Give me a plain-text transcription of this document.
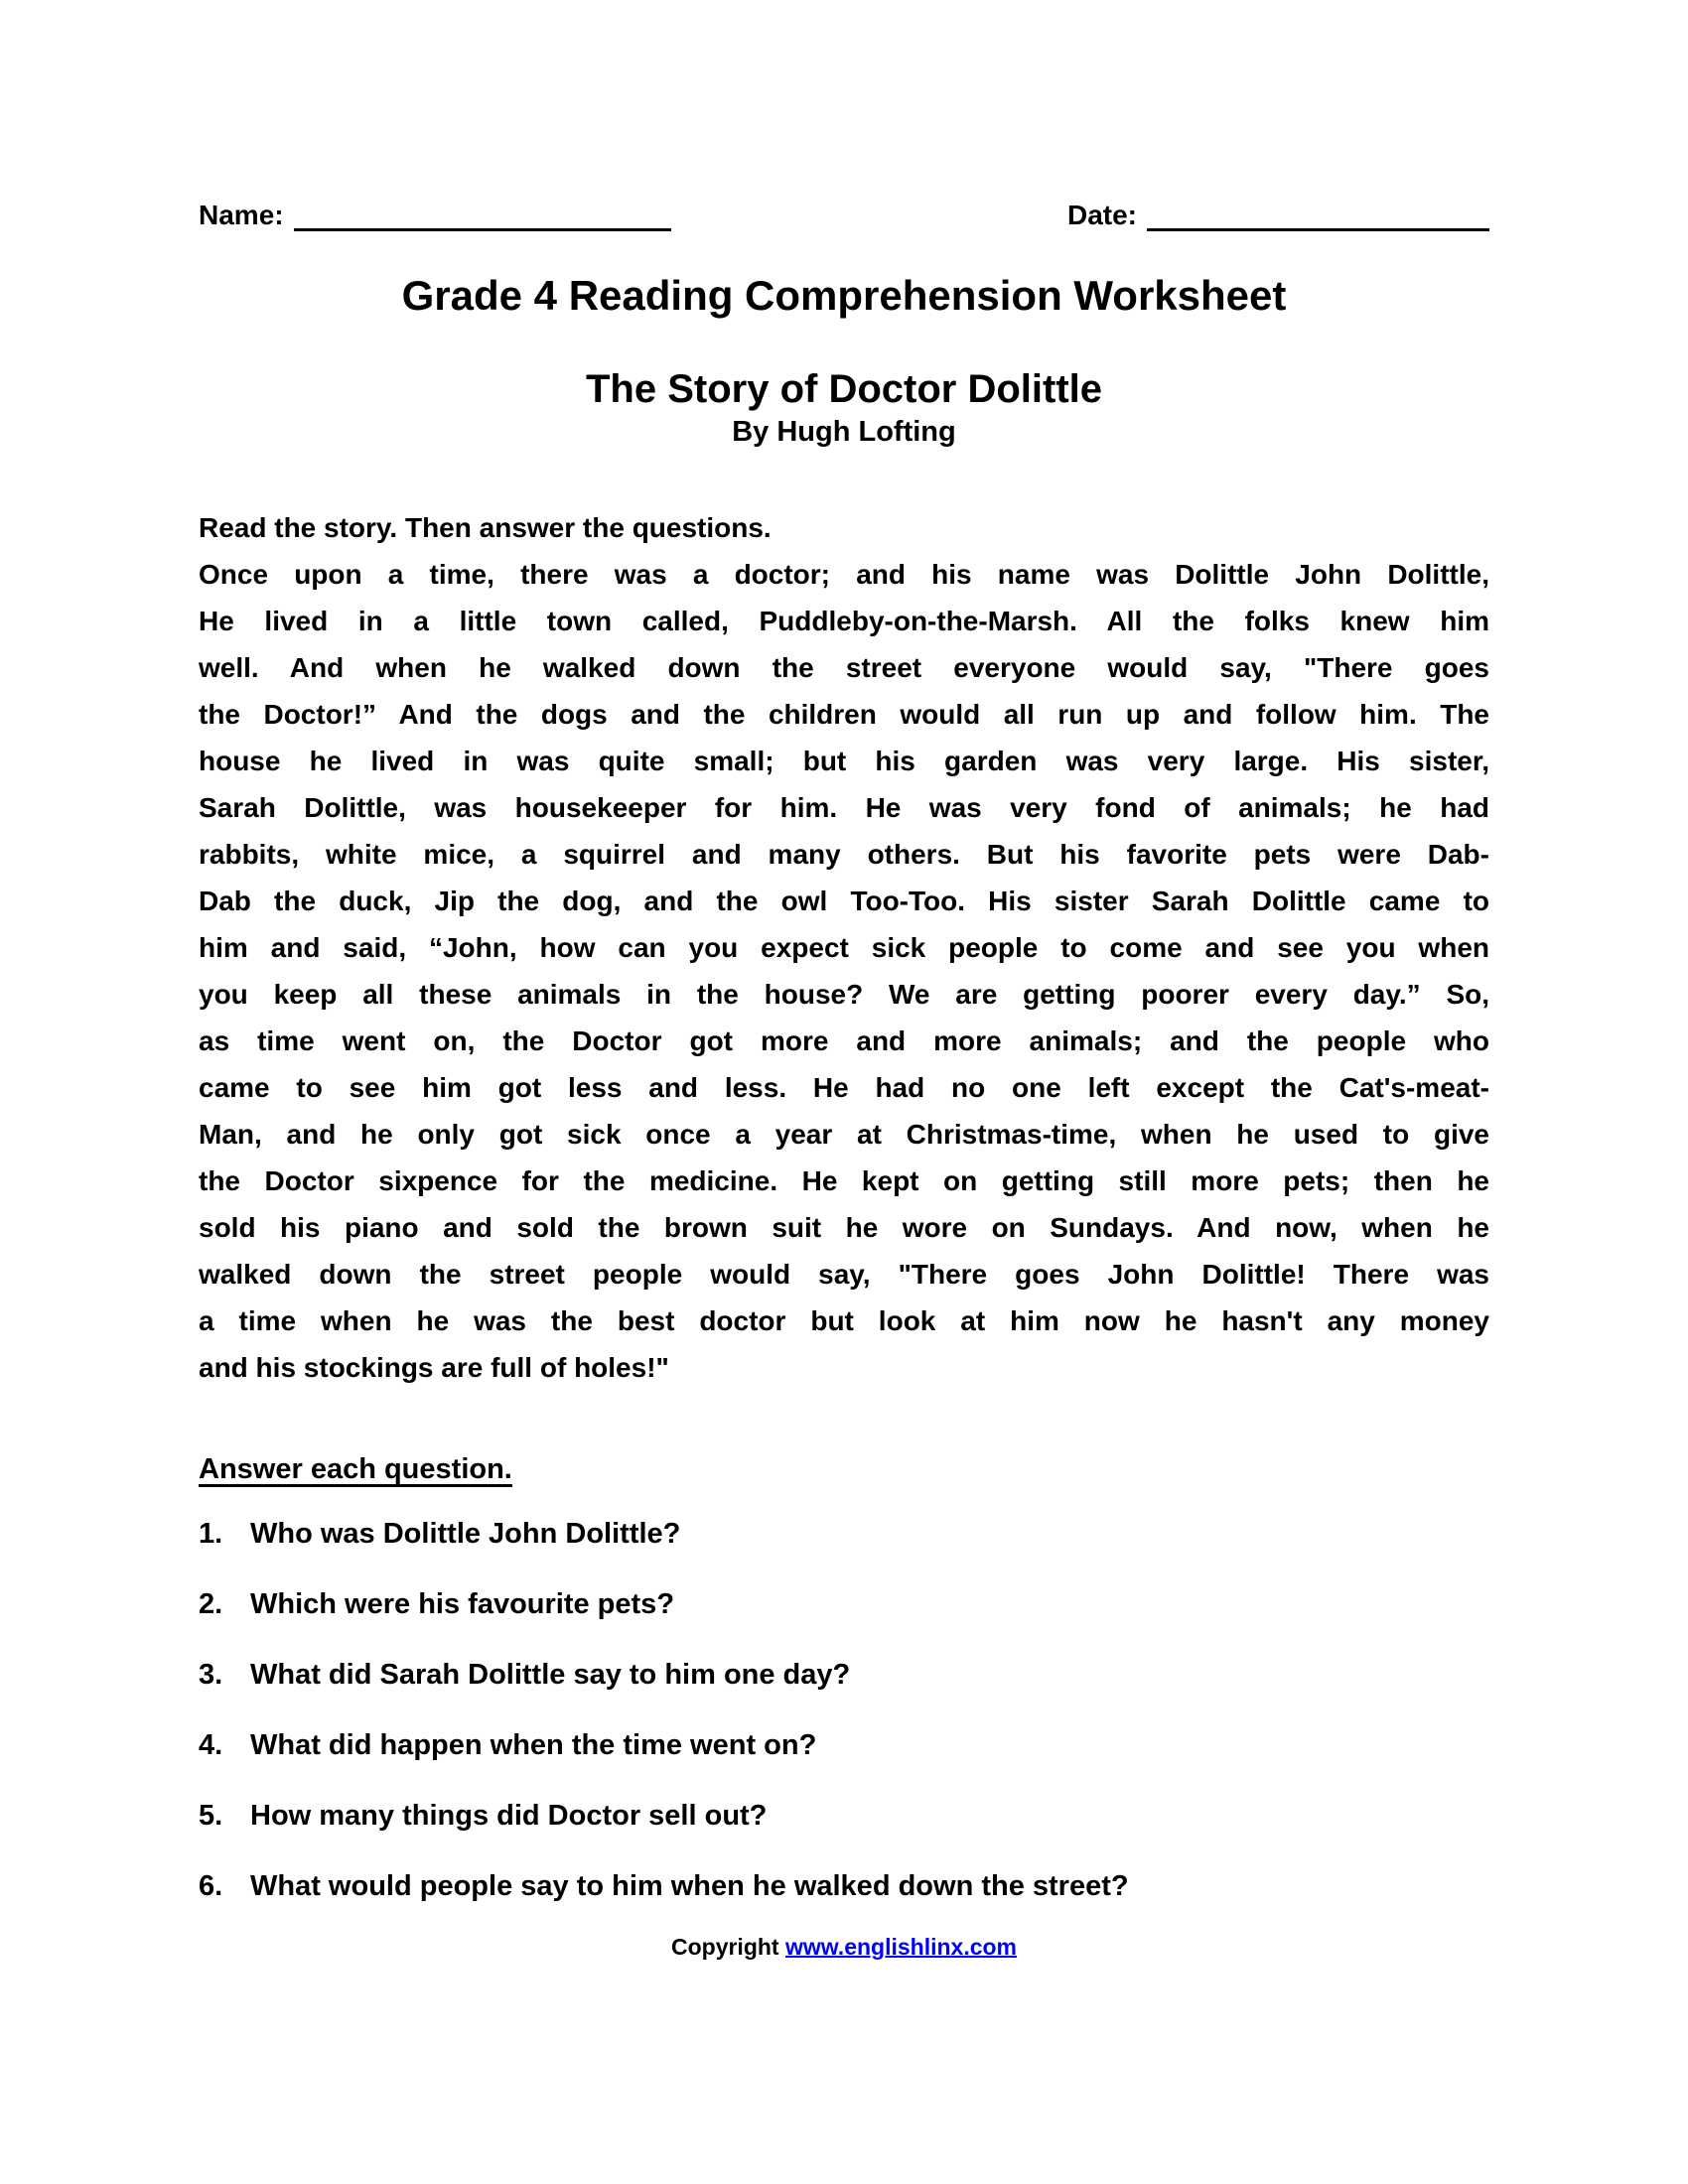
Name:	Date:
Grade 4 Reading Comprehension Worksheet
The Story of Doctor Dolittle
By Hugh Lofting
Read the story. Then answer the questions.
Once upon a time, there was a doctor; and his name was Dolittle John Dolittle,
He lived in a little town called, Puddleby-on-the-Marsh. All the folks knew him
well. And when he walked down the street everyone would say, "There goes
the Doctor!” And the dogs and the children would all run up and follow him. The
house he lived in was quite small; but his garden was very large. His sister,
Sarah Dolittle, was housekeeper for him. He was very fond of animals; he had
rabbits, white mice, a squirrel and many others. But his favorite pets were Dab-
Dab the duck, Jip the dog, and the owl Too-Too. His sister Sarah Dolittle came to
him and said, “John, how can you expect sick people to come and see you when
you keep all these animals in the house? We are getting poorer every day.” So,
as time went on, the Doctor got more and more animals; and the people who
came to see him got less and less. He had no one left except the Cat's-meat-
Man, and he only got sick once a year at Christmas-time, when he used to give
the Doctor sixpence for the medicine. He kept on getting still more pets; then he
sold his piano and sold the brown suit he wore on Sundays. And now, when he
walked down the street people would say, "There goes John Dolittle! There was
a time when he was the best doctor but look at him now he hasn't any money
and his stockings are full of holes!"
Answer each question.
1. Who was Dolittle John Dolittle?
2. Which were his favourite pets?
3. What did Sarah Dolittle say to him one day?
4. What did happen when the time went on?
5. How many things did Doctor sell out?
6. What would people say to him when he walked down the street?
Copyright www.englishlinx.com
